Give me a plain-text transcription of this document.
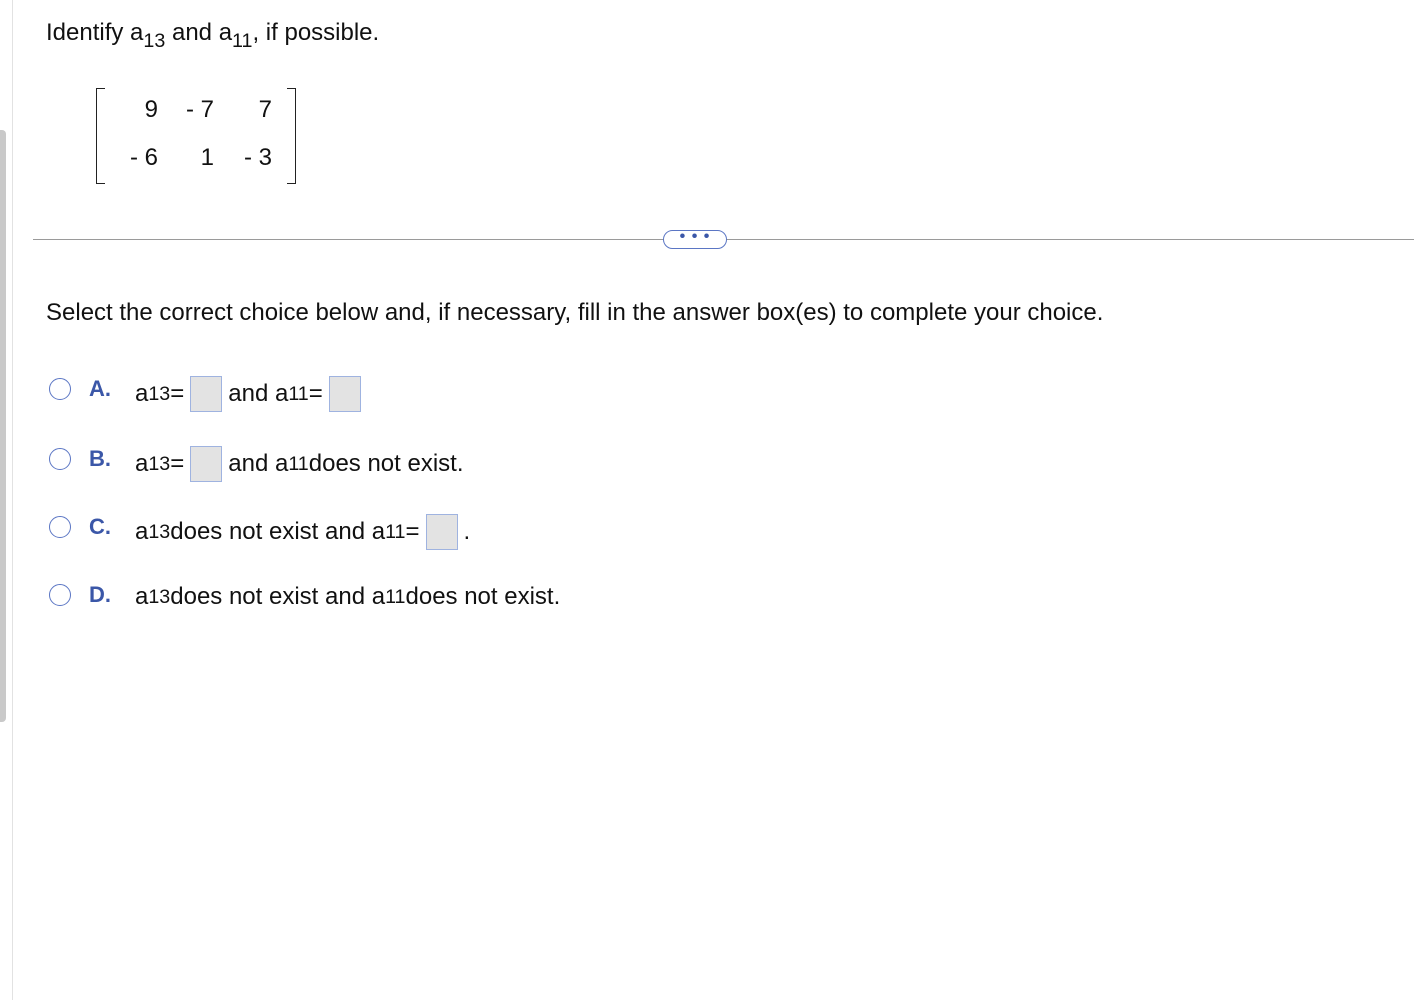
Identify $a_{13}$ and $a_{11}$, if possible.
9	- 7	7
- 6	1	- 3
• • •
Select the correct choice below and, if necessary, fill in the answer box(es) to complete your choice.
A. a 13 = and a 11 =
B. a 13 = and a 11 does not exist.
C. a 13 does not exist and a 11 = .
D. a 13 does not exist and a 11 does not exist.
